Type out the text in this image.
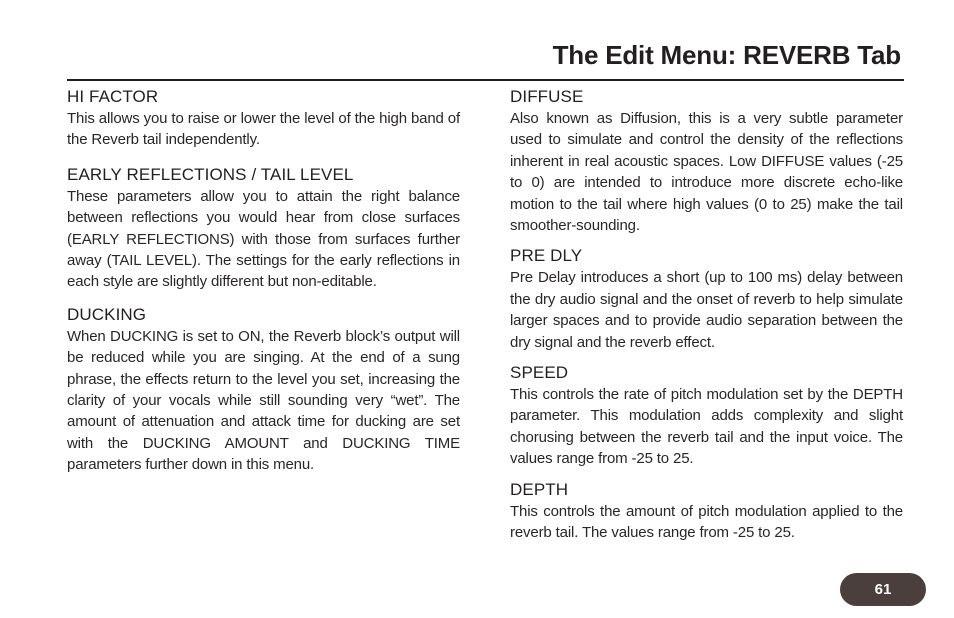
The Edit Menu: REVERB Tab
HI FACTOR

This allows you to raise or lower the level of the high band of the Reverb tail independently.

EARLY REFLECTIONS / TAIL LEVEL

These parameters allow you to attain the right balance between reflections you would hear from close surfaces (EARLY REFLECTIONS) with those from surfaces further away (TAIL LEVEL). The settings for the early reflections in each style are slightly different but non-editable.

DUCKING

When DUCKING is set to ON, the Reverb block’s output will be reduced while you are singing. At the end of a sung phrase, the effects return to the level you set, increasing the clarity of your vocals while still sounding very “wet”. The amount of attenuation and attack time for ducking are set with the DUCKING AMOUNT and DUCKING TIME parameters further down in this menu.

DIFFUSE

Also known as Diffusion, this is a very subtle parameter used to simulate and control the density of the reflections inherent in real acoustic spaces. Low DIFFUSE values (-25 to 0) are intended to introduce more discrete echo-like motion to the tail where high values (0 to 25) make the tail smoother-sounding.

PRE DLY

Pre Delay introduces a short (up to 100 ms) delay between the dry audio signal and the onset of reverb to help simulate larger spaces and to provide audio separation between the dry signal and the reverb effect.

SPEED

This controls the rate of pitch modulation set by the DEPTH parameter. This modulation adds complexity and slight chorusing between the reverb tail and the input voice. The values range from -25 to 25.

DEPTH

This controls the amount of pitch modulation applied to the reverb tail. The values range from -25 to 25.

61
